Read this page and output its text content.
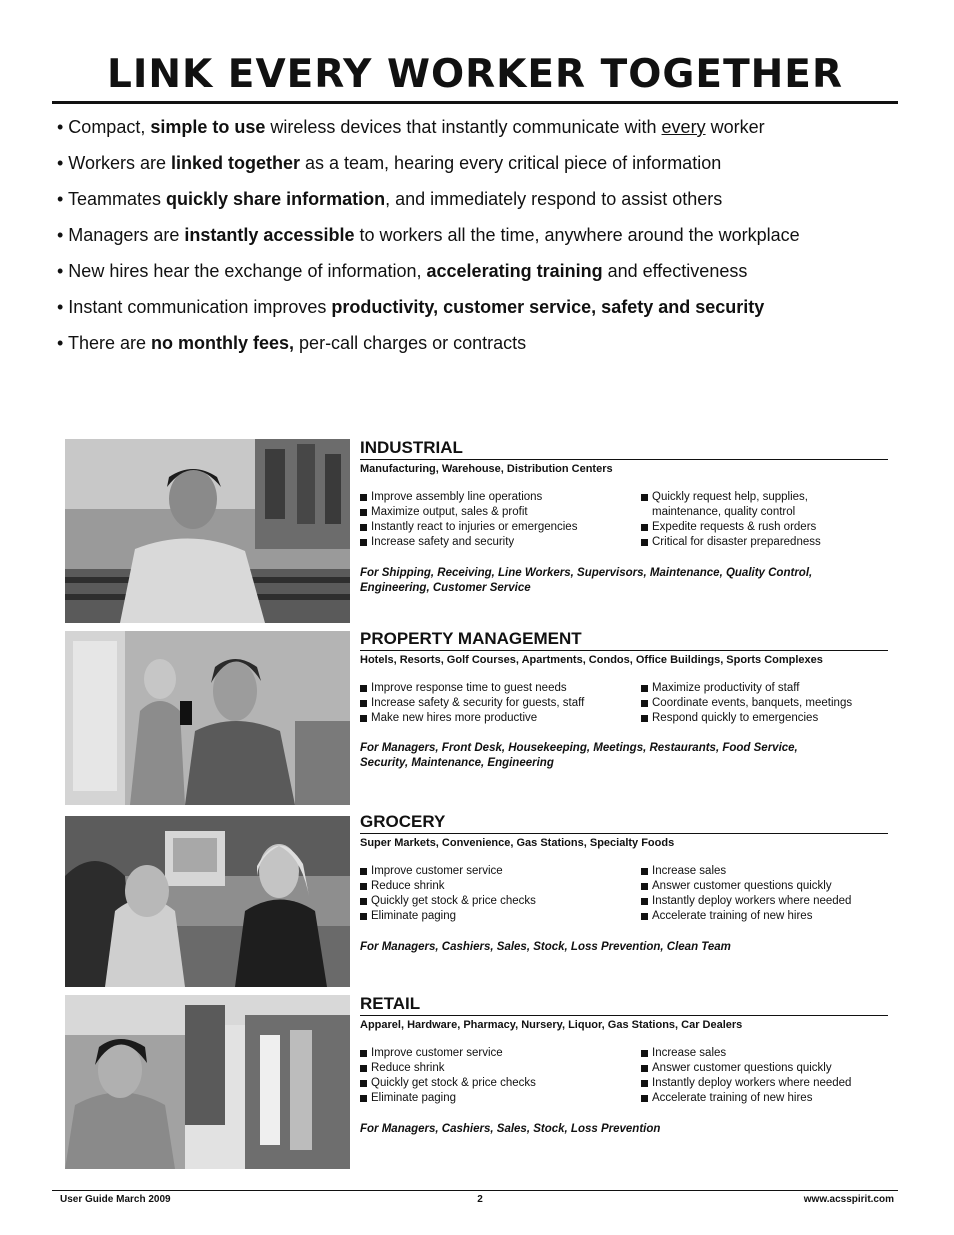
LINK EVERY WORKER TOGETHER
• Compact, simple to use wireless devices that instantly communicate with every worker
• Workers are linked together as a team, hearing every critical piece of information
• Teammates quickly share information, and immediately respond to assist others
• Managers are instantly accessible to workers all the time, anywhere around the workplace
• New hires hear the exchange of information, accelerating training and effectiveness
• Instant communication improves productivity, customer service, safety and security
• There are no monthly fees, per-call charges or contracts
INDUSTRIAL
Manufacturing, Warehouse, Distribution Centers
Improve assembly line operations
Maximize output, sales & profit
Instantly react to injuries or emergencies
Increase safety and security
Quickly request help, supplies,
maintenance, quality control
Expedite requests & rush orders
Critical for disaster preparedness
For Shipping, Receiving, Line Workers, Supervisors, Maintenance, Quality Control,
Engineering, Customer Service
PROPERTY MANAGEMENT
Hotels, Resorts, Golf Courses, Apartments, Condos, Office Buildings, Sports Complexes
Improve response time to guest needs
Increase safety & security for guests, staff
Make new hires more productive
Maximize productivity of staff
Coordinate events, banquets, meetings
Respond quickly to emergencies
For Managers, Front Desk, Housekeeping, Meetings, Restaurants, Food Service,
Security, Maintenance, Engineering
GROCERY
Super Markets, Convenience, Gas Stations, Specialty Foods
Improve customer service
Reduce shrink
Quickly get stock & price checks
Eliminate paging
Increase sales
Answer customer questions quickly
Instantly deploy workers where needed
Accelerate training of new hires
For Managers, Cashiers, Sales, Stock, Loss Prevention, Clean Team
RETAIL
Apparel, Hardware, Pharmacy, Nursery, Liquor, Gas Stations, Car Dealers
Improve customer service
Reduce shrink
Quickly get stock & price checks
Eliminate paging
Increase sales
Answer customer questions quickly
Instantly deploy workers where needed
Accelerate training of new hires
For Managers, Cashiers, Sales, Stock, Loss Prevention
User Guide March 2009	2	www.acsspirit.com
